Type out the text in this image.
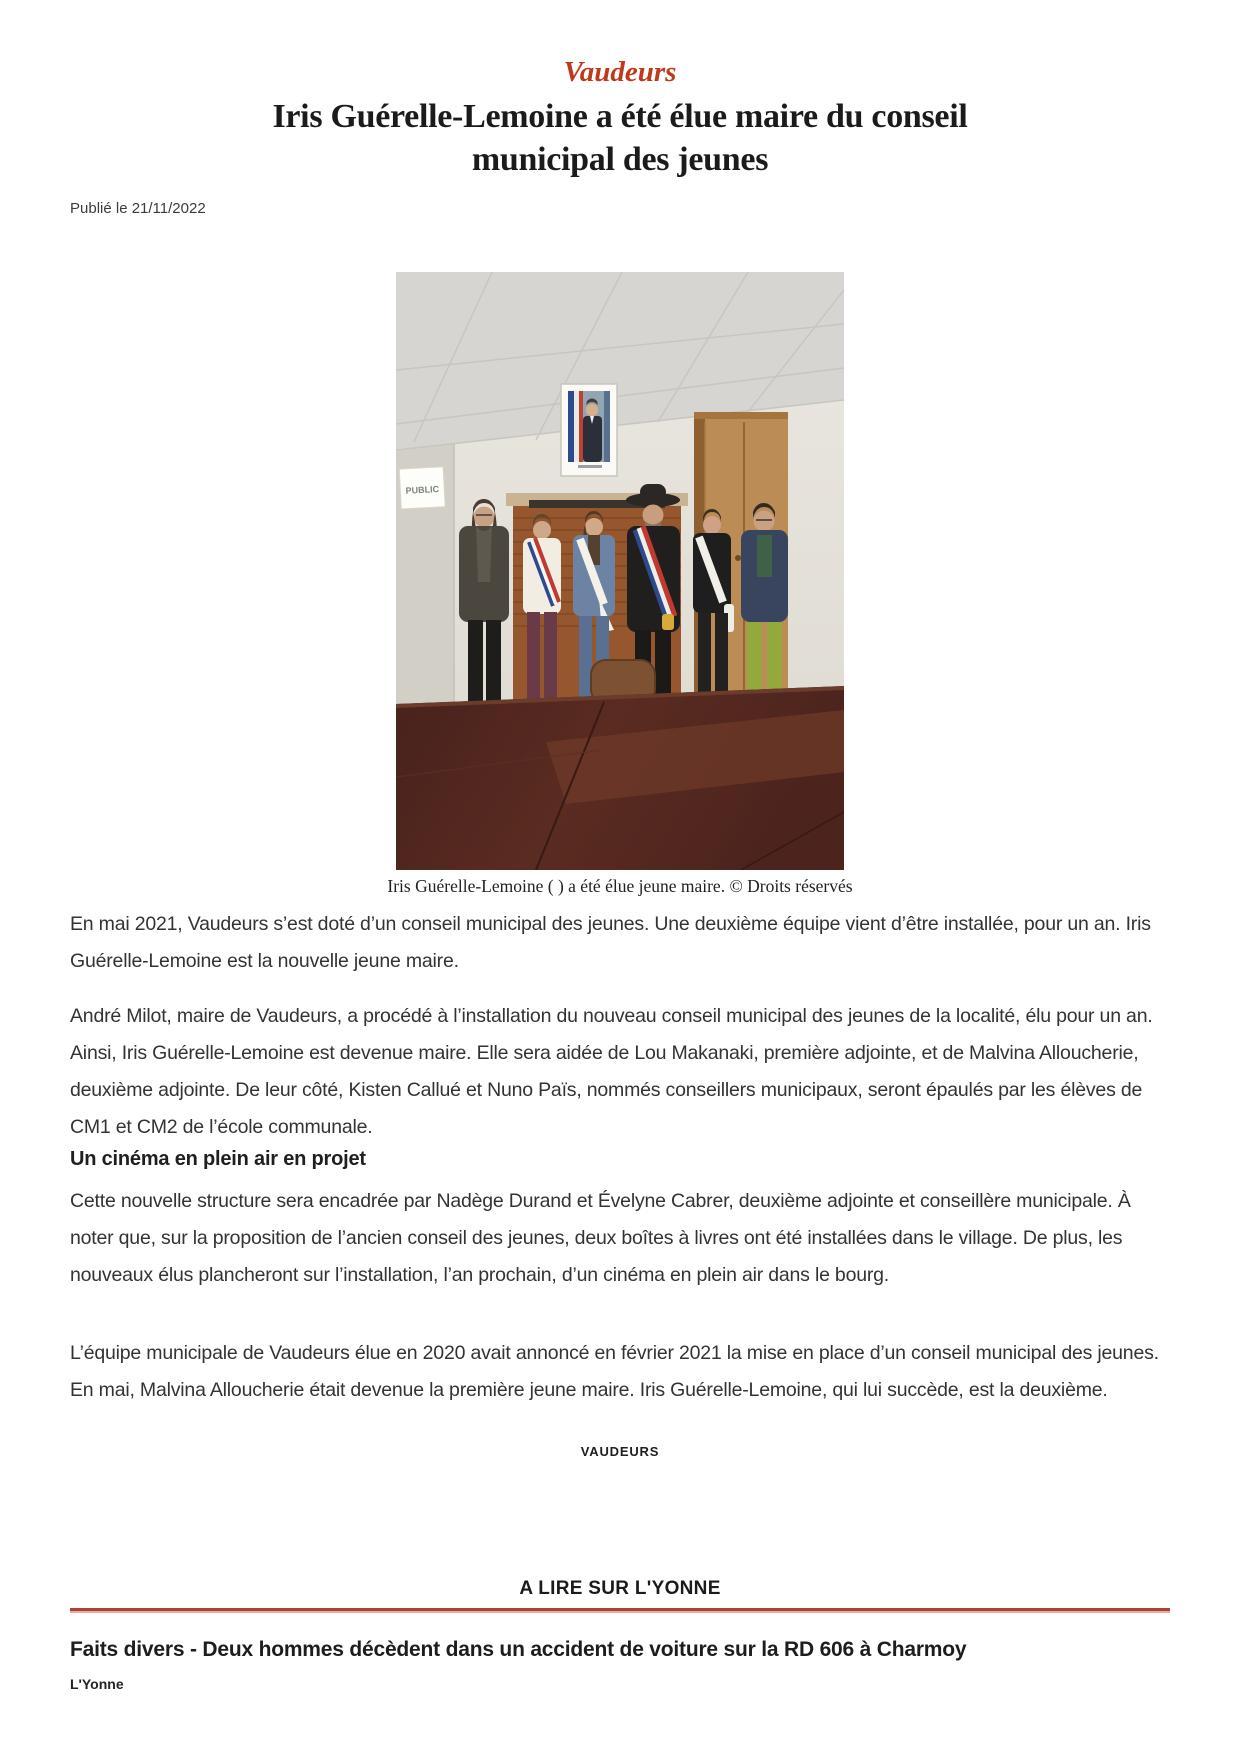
Vaudeurs
Iris Guérelle-Lemoine a été élue maire du conseil municipal des jeunes
Publié le 21/11/2022
PUBLIC
Iris Guérelle-Lemoine ( ) a été élue jeune maire. © Droits réservés

En mai 2021, Vaudeurs s’est doté d’un conseil municipal des jeunes. Une deuxième équipe vient d’être installée, pour un an. Iris Guérelle-Lemoine est la nouvelle jeune maire.

André Milot, maire de Vaudeurs, a procédé à l’installation du nouveau conseil municipal des jeunes de la localité, élu pour un an. Ainsi, Iris Guérelle-Lemoine est devenue maire. Elle sera aidée de Lou Makanaki, première adjointe, et de Malvina Alloucherie, deuxième adjointe. De leur côté, Kisten Callué et Nuno Païs, nommés conseillers municipaux, seront épaulés par les élèves de CM1 et CM2 de l’école communale.

Un cinéma en plein air en projet

Cette nouvelle structure sera encadrée par Nadège Durand et Évelyne Cabrer, deuxième adjointe et conseillère municipale. À noter que, sur la proposition de l’ancien conseil des jeunes, deux boîtes à livres ont été installées dans le village. De plus, les nouveaux élus plancheront sur l’installation, l’an prochain, d’un cinéma en plein air dans le bourg.

L’équipe municipale de Vaudeurs élue en 2020 avait annoncé en février 2021 la mise en place d’un conseil municipal des jeunes. En mai, Malvina Alloucherie était devenue la première jeune maire. Iris Guérelle-Lemoine, qui lui succède, est la deuxième.

VAUDEURS
A LIRE SUR L'YONNE
Faits divers - Deux hommes décèdent dans un accident de voiture sur la RD 606 à Charmoy
L'Yonne
